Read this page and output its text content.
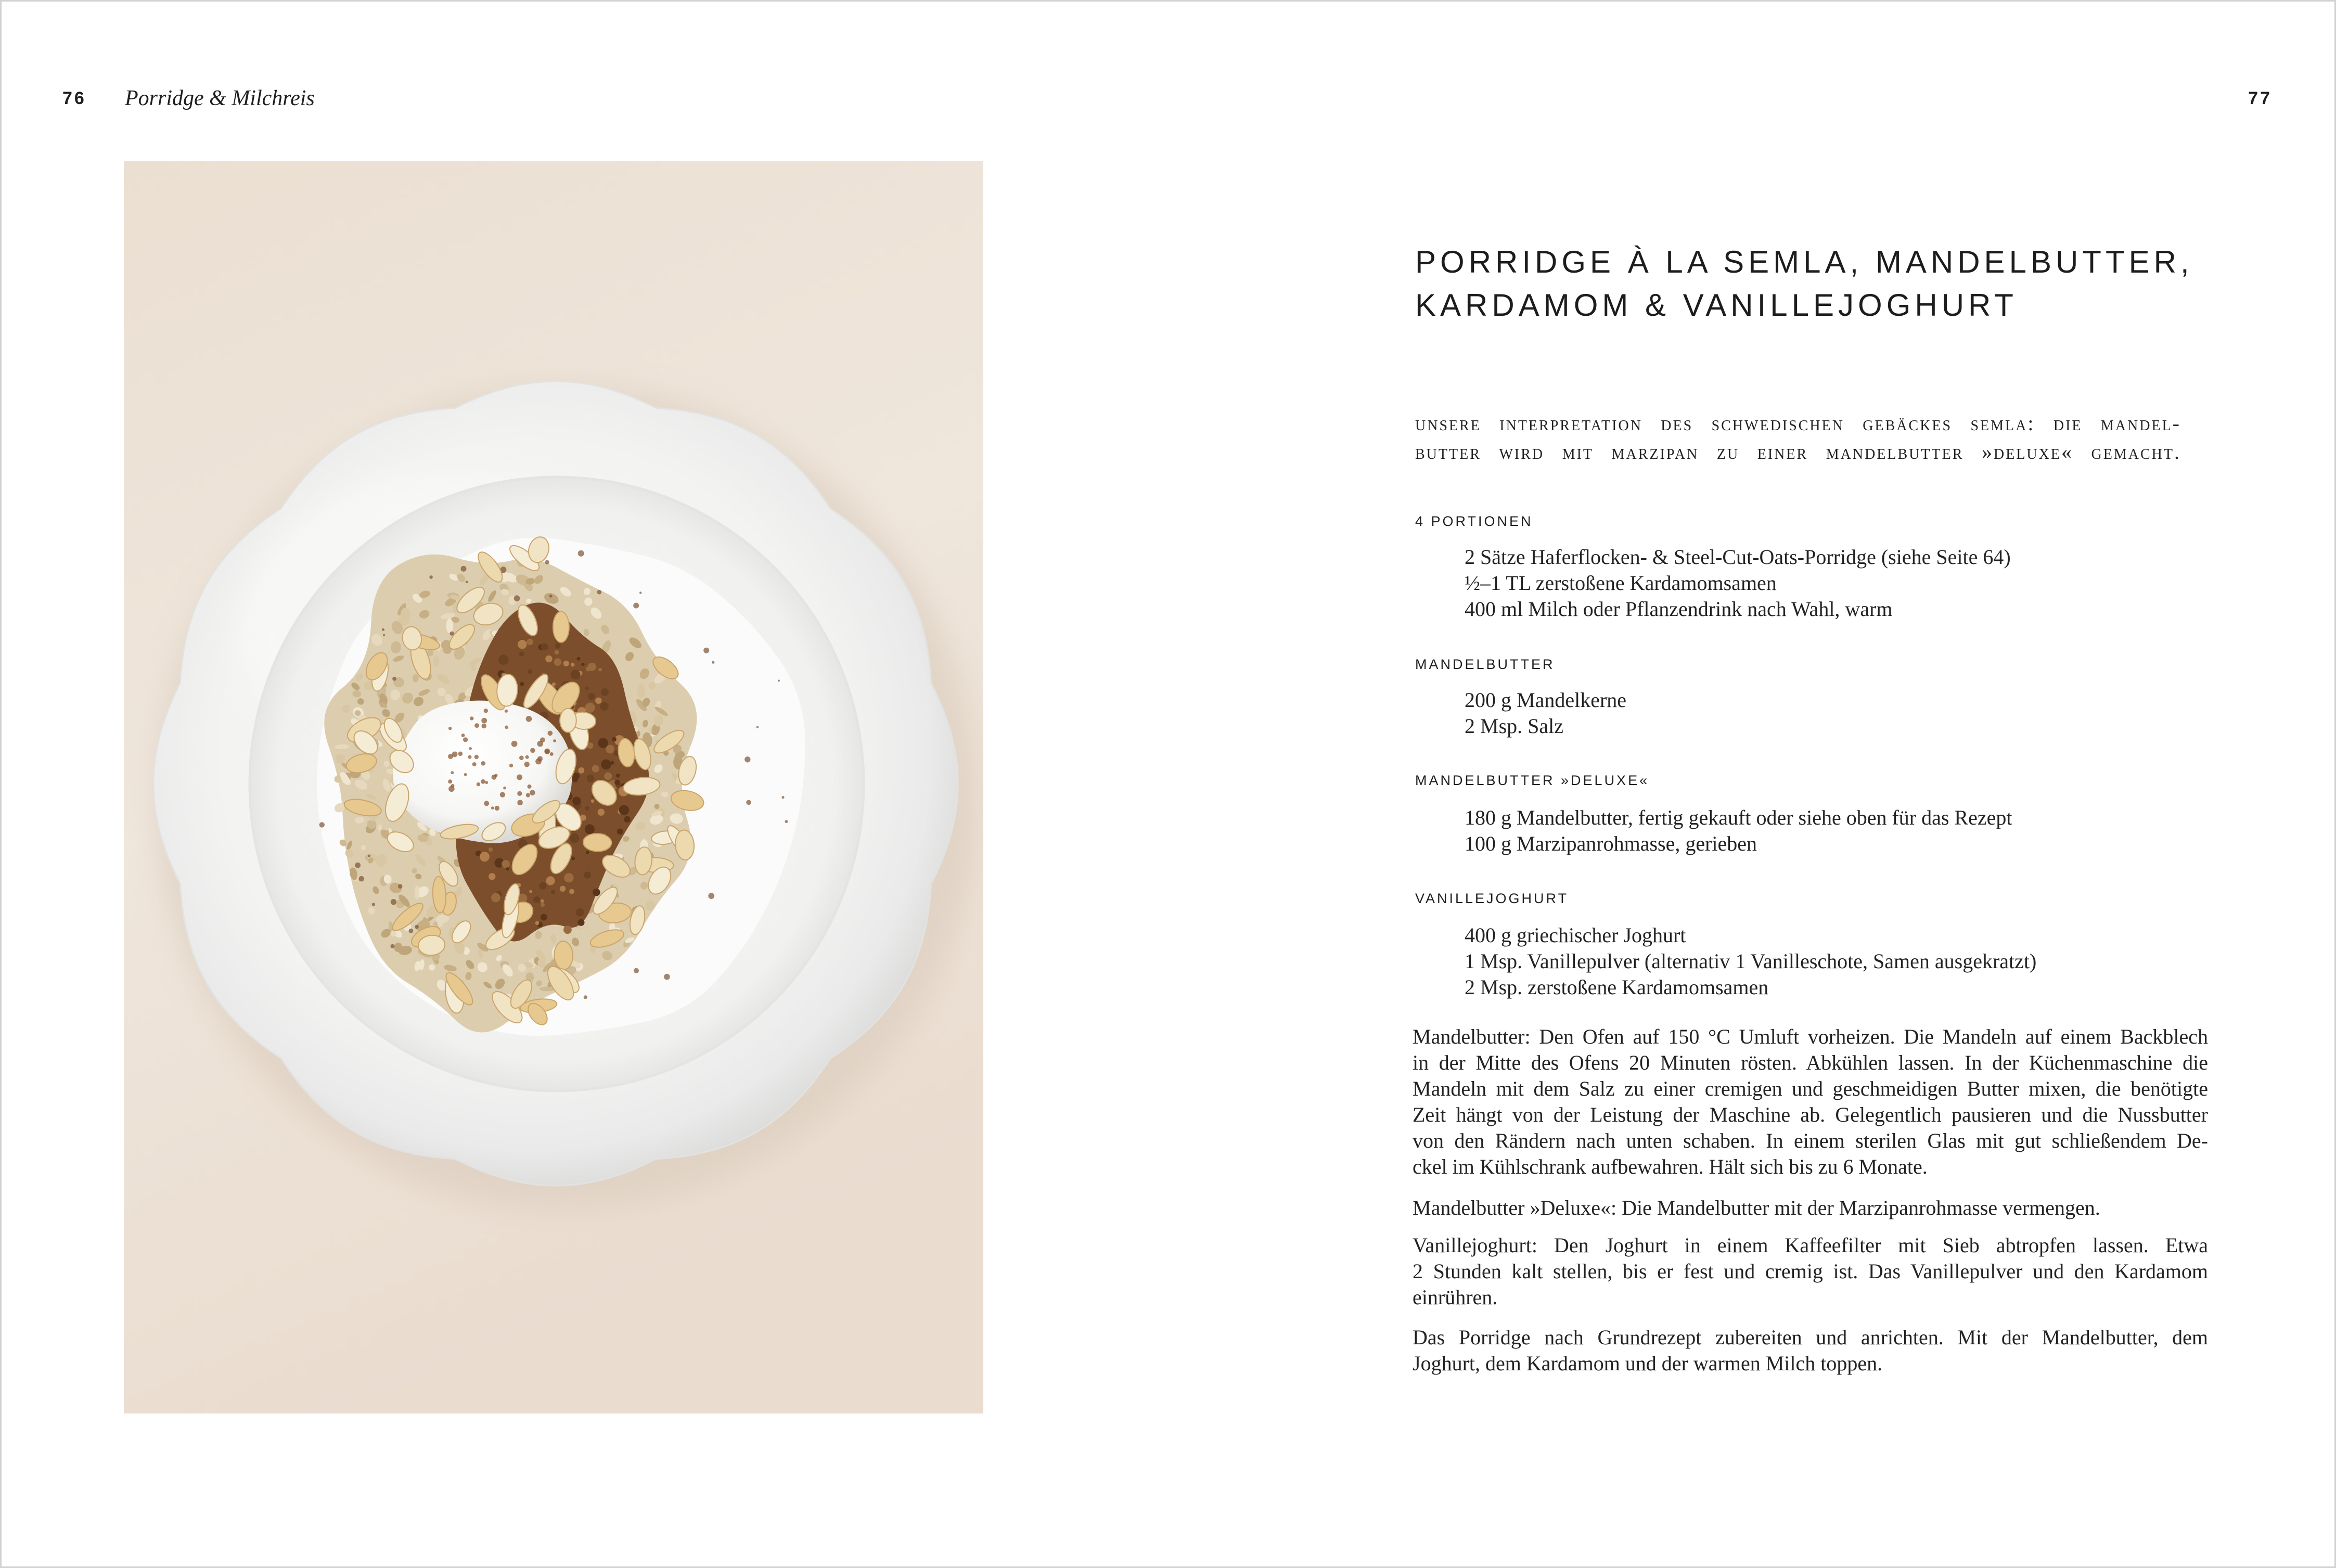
76 Porridge & Milchreis	77
PORRIDGE À LA SEMLA, MANDELBUTTER,
KARDAMOM & VANILLEJOGHURT
unsere interpretation des schwedischen gebäckes semla: die mandel-
butter wird mit marzipan zu einer mandelbutter »deluxe« gemacht.
4 PORTIONEN
2 Sätze Haferflocken- & Steel-Cut-Oats-Porridge (siehe Seite 64)
½–1 TL zerstoßene Kardamomsamen
400 ml Milch oder Pflanzendrink nach Wahl, warm
MANDELBUTTER
200 g Mandelkerne
2 Msp. Salz
MANDELBUTTER »DELUXE«
180 g Mandelbutter, fertig gekauft oder siehe oben für das Rezept
100 g Marzipanrohmasse, gerieben
VANILLEJOGHURT
400 g griechischer Joghurt
1 Msp. Vanillepulver (alternativ 1 Vanilleschote, Samen ausgekratzt)
2 Msp. zerstoßene Kardamomsamen
Mandelbutter: Den Ofen auf 150 °C Umluft vorheizen. Die Mandeln auf einem Backblech
in der Mitte des Ofens 20 Minuten rösten. Abkühlen lassen. In der Küchenmaschine die
Mandeln mit dem Salz zu einer cremigen und geschmeidigen Butter mixen, die benötigte
Zeit hängt von der Leistung der Maschine ab. Gelegentlich pausieren und die Nussbutter
von den Rändern nach unten schaben. In einem sterilen Glas mit gut schließendem De-
ckel im Kühlschrank aufbewahren. Hält sich bis zu 6 Monate.
Mandelbutter »Deluxe«: Die Mandelbutter mit der Marzipanrohmasse vermengen.
Vanillejoghurt: Den Joghurt in einem Kaffeefilter mit Sieb abtropfen lassen. Etwa
2 Stunden kalt stellen, bis er fest und cremig ist. Das Vanillepulver und den Kardamom
einrühren.
Das Porridge nach Grundrezept zubereiten und anrichten. Mit der Mandelbutter, dem
Joghurt, dem Kardamom und der warmen Milch toppen.
